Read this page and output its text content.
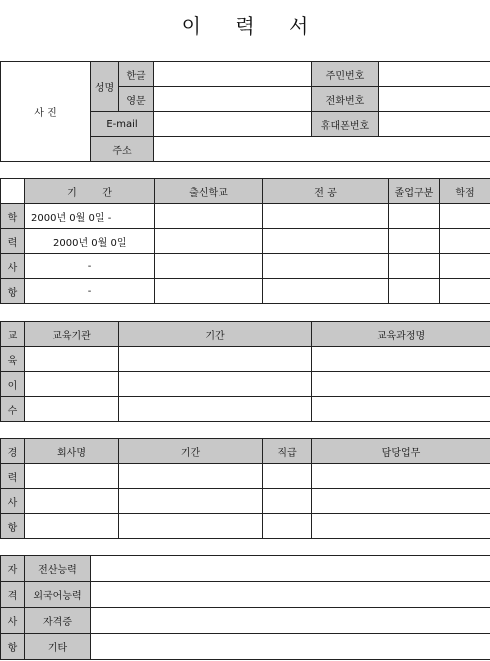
이 력 서
사 진	성명	한글		주민번호	
		영문		전화번호	
	E-mail			휴대폰번호	
	주소				
	기        간	출신학교	전 공	졸업구분	학점
학	2000년 0월 0일 -				
력	2000년 0월 0일				
사	-				
항	-				
교	교육기관	기간	교육과정명
육			
이			
수			
경	회사명	기간	직급	담당업무
력				
사				
항				
자	전산능력	
격	외국어능력	
사	자격증	
항	기타	
